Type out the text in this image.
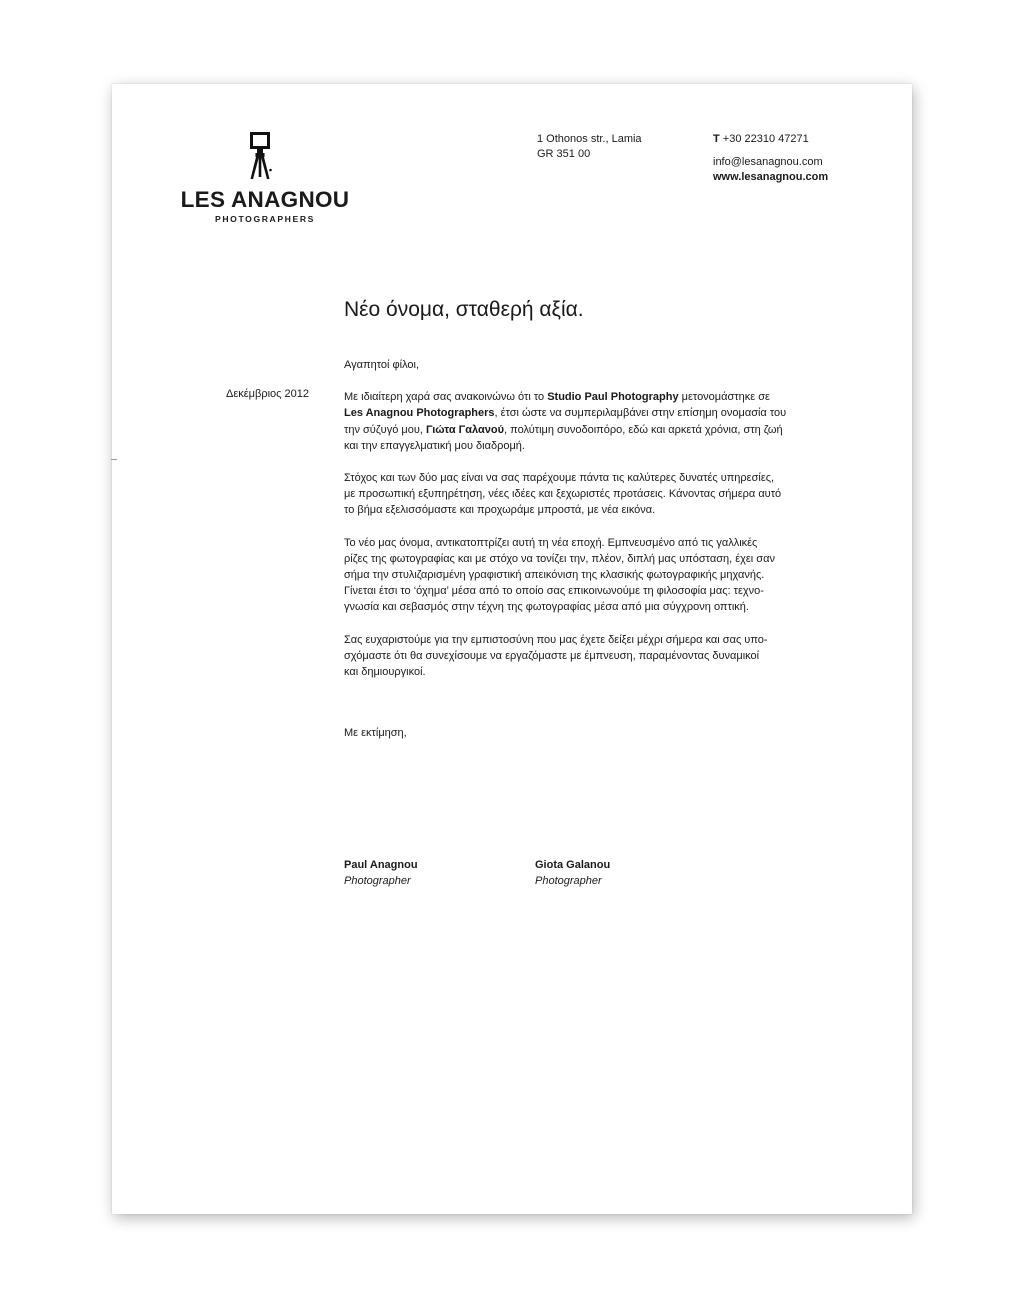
LES ANAGNOU
PHOTOGRAPHERS
1 Othonos str., Lamia
GR 351 00
T +30 22310 47271
info@lesanagnou.com
www.lesanagnou.com
Νέο όνομα, σταθερή αξία.
Δεκέμβριος 2012

Αγαπητοί φίλοι,

Με ιδιαίτερη χαρά σας ανακοινώνω ότι το Studio Paul Photography μετονομάστηκε σε
Les Anagnou Photographers, έτσι ώστε να συμπεριλαμβάνει στην επίσημη ονομασία του
την σύζυγό μου, Γιώτα Γαλανού, πολύτιμη συνοδοιπόρο, εδώ και αρκετά χρόνια, στη ζωή
και την επαγγελματική μου διαδρομή.

Στόχος και των δύο μας είναι να σας παρέχουμε πάντα τις καλύτερες δυνατές υπηρεσίες,
με προσωπική εξυπηρέτηση, νέες ιδέες και ξεχωριστές προτάσεις. Κάνοντας σήμερα αυτό
το βήμα εξελισσόμαστε και προχωράμε μπροστά, με νέα εικόνα.

Το νέο μας όνομα, αντικατοπτρίζει αυτή τη νέα εποχή. Εμπνευσμένο από τις γαλλικές
ρίζες της φωτογραφίας και με στόχο να τονίζει την, πλέον, διπλή μας υπόσταση, έχει σαν
σήμα την στυλιζαρισμένη γραφιστική απεικόνιση της κλασικής φωτογραφικής μηχανής.
Γίνεται έτσι το ‘όχημα’ μέσα από το οποίο σας επικοινωνούμε τη φιλοσοφία μας: τεχνο-
γνωσία και σεβασμός στην τέχνη της φωτογραφίας μέσα από μια σύγχρονη οπτική.

Σας ευχαριστούμε για την εμπιστοσύνη που μας έχετε δείξει μέχρι σήμερα και σας υπο-
σχόμαστε ότι θα συνεχίσουμε να εργαζόμαστε με έμπνευση, παραμένοντας δυναμικοί
και δημιουργικοί.

Με εκτίμηση,
Paul Anagnou
Photographer
Giota Galanou
Photographer
